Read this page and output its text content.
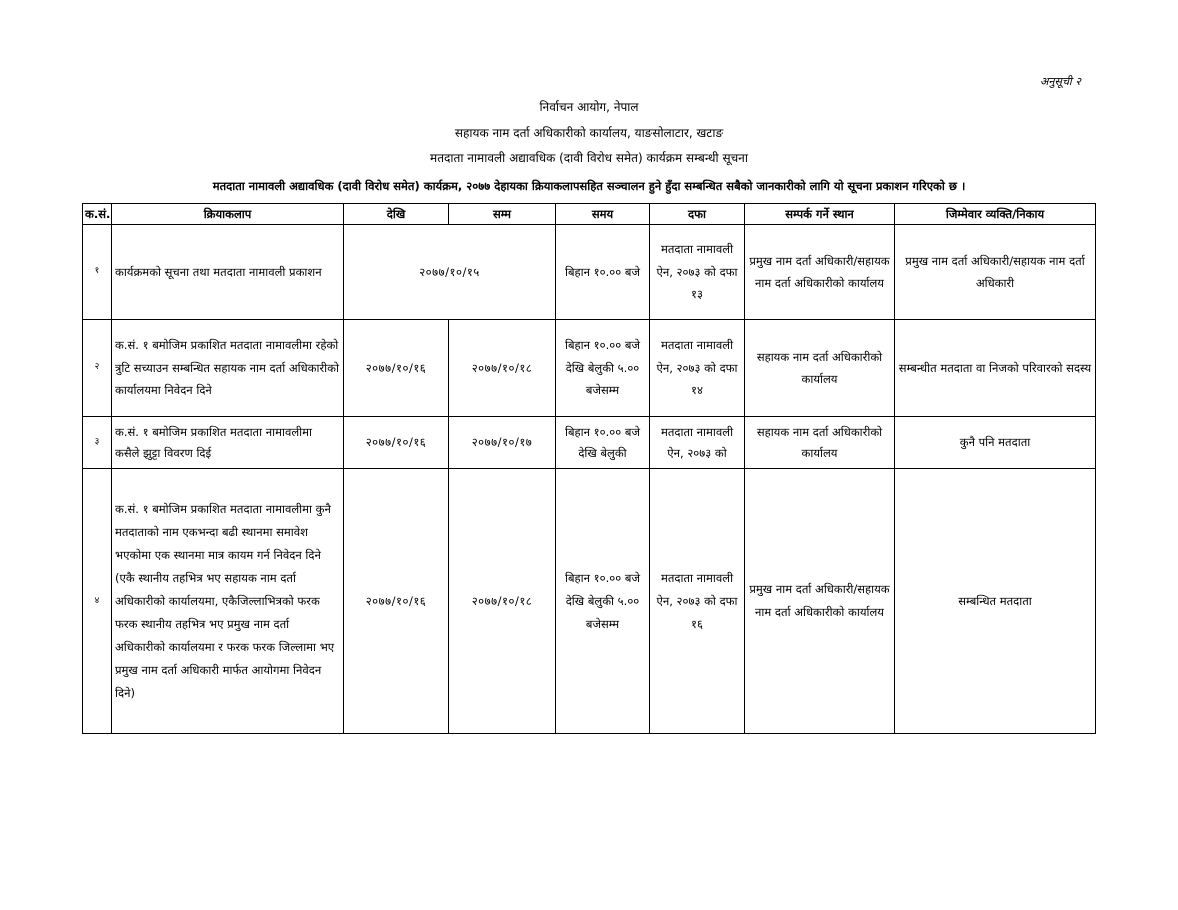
अनुसूची २
निर्वाचन आयोग, नेपाल
सहायक नाम दर्ता अधिकारीको कार्यालय, याङसोलाटार, खटाङ
मतदाता नामावली अद्यावधिक (दावी विरोध समेत) कार्यक्रम सम्बन्धी सूचना
मतदाता नामावली अद्यावधिक (दावी विरोध समेत) कार्यक्रम, २०७७ देहायका क्रियाकलापसहित सञ्चालन हुने हुँदा सम्बन्धित सबैको जानकारीको लागि यो सूचना प्रकाशन गरिएको छ ।
क.सं.	क्रियाकलाप	देखि	सम्म	समय	दफा	सम्पर्क गर्ने स्थान	जिम्मेवार व्यक्ति/निकाय
१	कार्यक्रमको सूचना तथा मतदाता नामावली प्रकाशन	२०७७/१०/१५		बिहान १०.०० बजे	मतदाता नामावली ऐन, २०७३ को दफा १३	प्रमुख नाम दर्ता अधिकारी/सहायक नाम दर्ता अधिकारीको कार्यालय	प्रमुख नाम दर्ता अधिकारी/सहायक नाम दर्ता अधिकारी
२	क.सं. १ बमोजिम प्रकाशित मतदाता नामावलीमा रहेको त्रुटि सच्याउन सम्बन्धित सहायक नाम दर्ता अधिकारीको कार्यालयमा निवेदन दिने	२०७७/१०/१६	२०७७/१०/१८	बिहान १०.०० बजे देखि बेलुकी ५.०० बजेसम्म	मतदाता नामावली ऐन, २०७३ को दफा १४	सहायक नाम दर्ता अधिकारीको कार्यालय	सम्बन्धीत मतदाता वा निजको परिवारको सदस्य
३	क.सं. १ बमोजिम प्रकाशित मतदाता नामावलीमा कसैले झुट्टा विवरण दिई	२०७७/१०/१६	२०७७/१०/१७	बिहान १०.०० बजे देखि बेलुकी	मतदाता नामावली ऐन, २०७३ को	सहायक नाम दर्ता अधिकारीको कार्यालय	कुनै पनि मतदाता
४	क.सं. १ बमोजिम प्रकाशित मतदाता नामावलीमा कुनै मतदाताको नाम एकभन्दा बढी स्थानमा समावेश भएकोमा एक स्थानमा मात्र कायम गर्न निवेदन दिने (एकै स्थानीय तहभित्र भए सहायक नाम दर्ता अधिकारीको कार्यालयमा, एकैजिल्लाभित्रको फरक फरक स्थानीय तहभित्र भए प्रमुख नाम दर्ता अधिकारीको कार्यालयमा र फरक फरक जिल्लामा भए प्रमुख नाम दर्ता अधिकारी मार्फत आयोगमा निवेदन दिने)	२०७७/१०/१६	२०७७/१०/१८	बिहान १०.०० बजे देखि बेलुकी ५.०० बजेसम्म	मतदाता नामावली ऐन, २०७३ को दफा १६	प्रमुख नाम दर्ता अधिकारी/सहायक नाम दर्ता अधिकारीको कार्यालय	सम्बन्धित मतदाता
